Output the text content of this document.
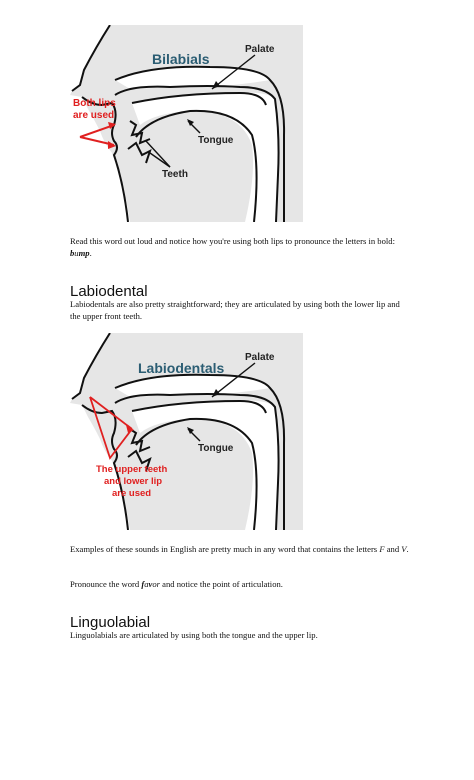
Bilabials
Palate
Tongue
Teeth
Both lips
are used

Read this word out loud and notice how you're using both lips to pronounce the letters in bold: bump.

Labiodental

Labiodentals are also pretty straightforward; they are articulated by using both the lower lip and the upper front teeth.

Labiodentals
Palate
Tongue
The upper teeth
and lower lip
are used

Examples of these sounds in English are pretty much in any word that contains the letters F and V.

Pronounce the word favor and notice the point of articulation.

Linguolabial

Linguolabials are articulated by using both the tongue and the upper lip.
